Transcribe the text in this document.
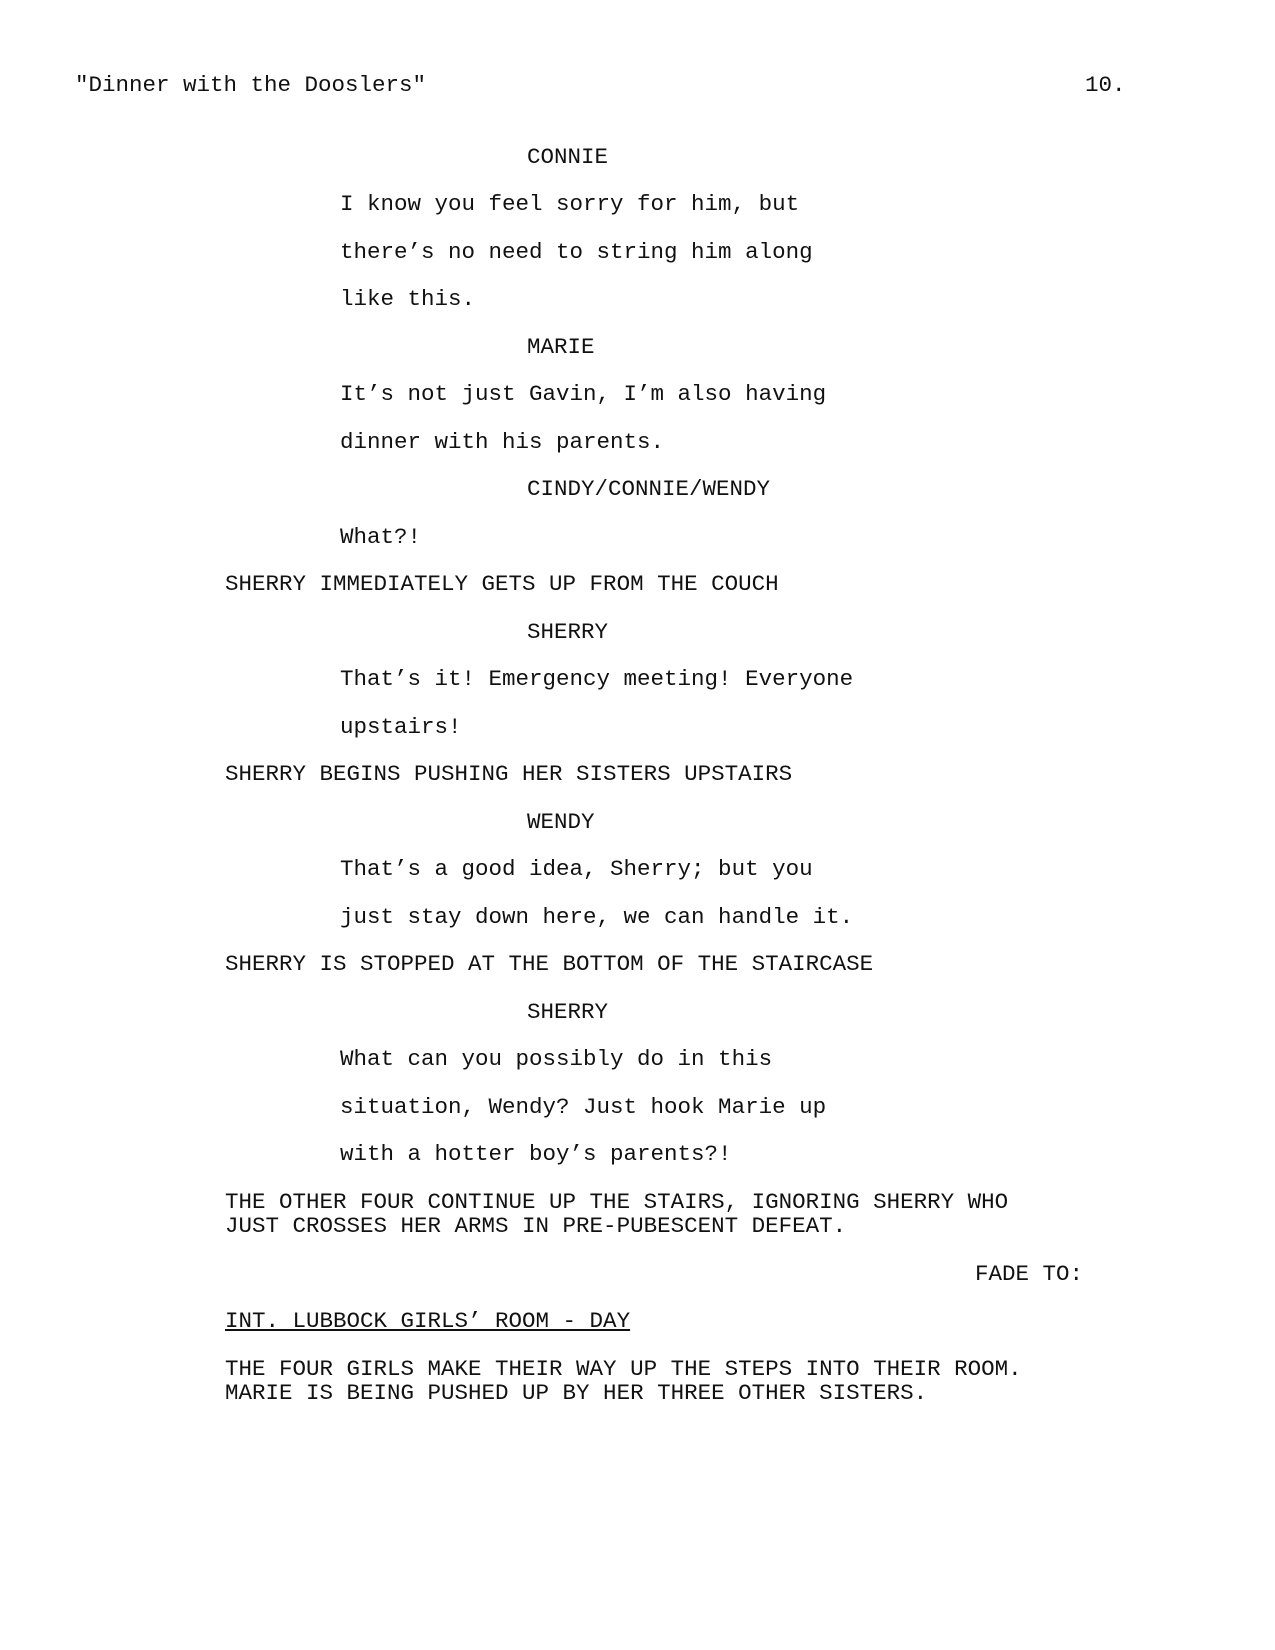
"Dinner with the Dooslers"	10.
CONNIE
I know you feel sorry for him, but
there’s no need to string him along
like this.
MARIE
It’s not just Gavin, I’m also having
dinner with his parents.
CINDY/CONNIE/WENDY
What?!
SHERRY IMMEDIATELY GETS UP FROM THE COUCH
SHERRY
That’s it! Emergency meeting! Everyone
upstairs!
SHERRY BEGINS PUSHING HER SISTERS UPSTAIRS
WENDY
That’s a good idea, Sherry; but you
just stay down here, we can handle it.
SHERRY IS STOPPED AT THE BOTTOM OF THE STAIRCASE
SHERRY
What can you possibly do in this
situation, Wendy? Just hook Marie up
with a hotter boy’s parents?!
THE OTHER FOUR CONTINUE UP THE STAIRS, IGNORING SHERRY WHO
JUST CROSSES HER ARMS IN PRE-PUBESCENT DEFEAT.
FADE TO:
INT. LUBBOCK GIRLS’ ROOM - DAY
THE FOUR GIRLS MAKE THEIR WAY UP THE STEPS INTO THEIR ROOM.
MARIE IS BEING PUSHED UP BY HER THREE OTHER SISTERS.
